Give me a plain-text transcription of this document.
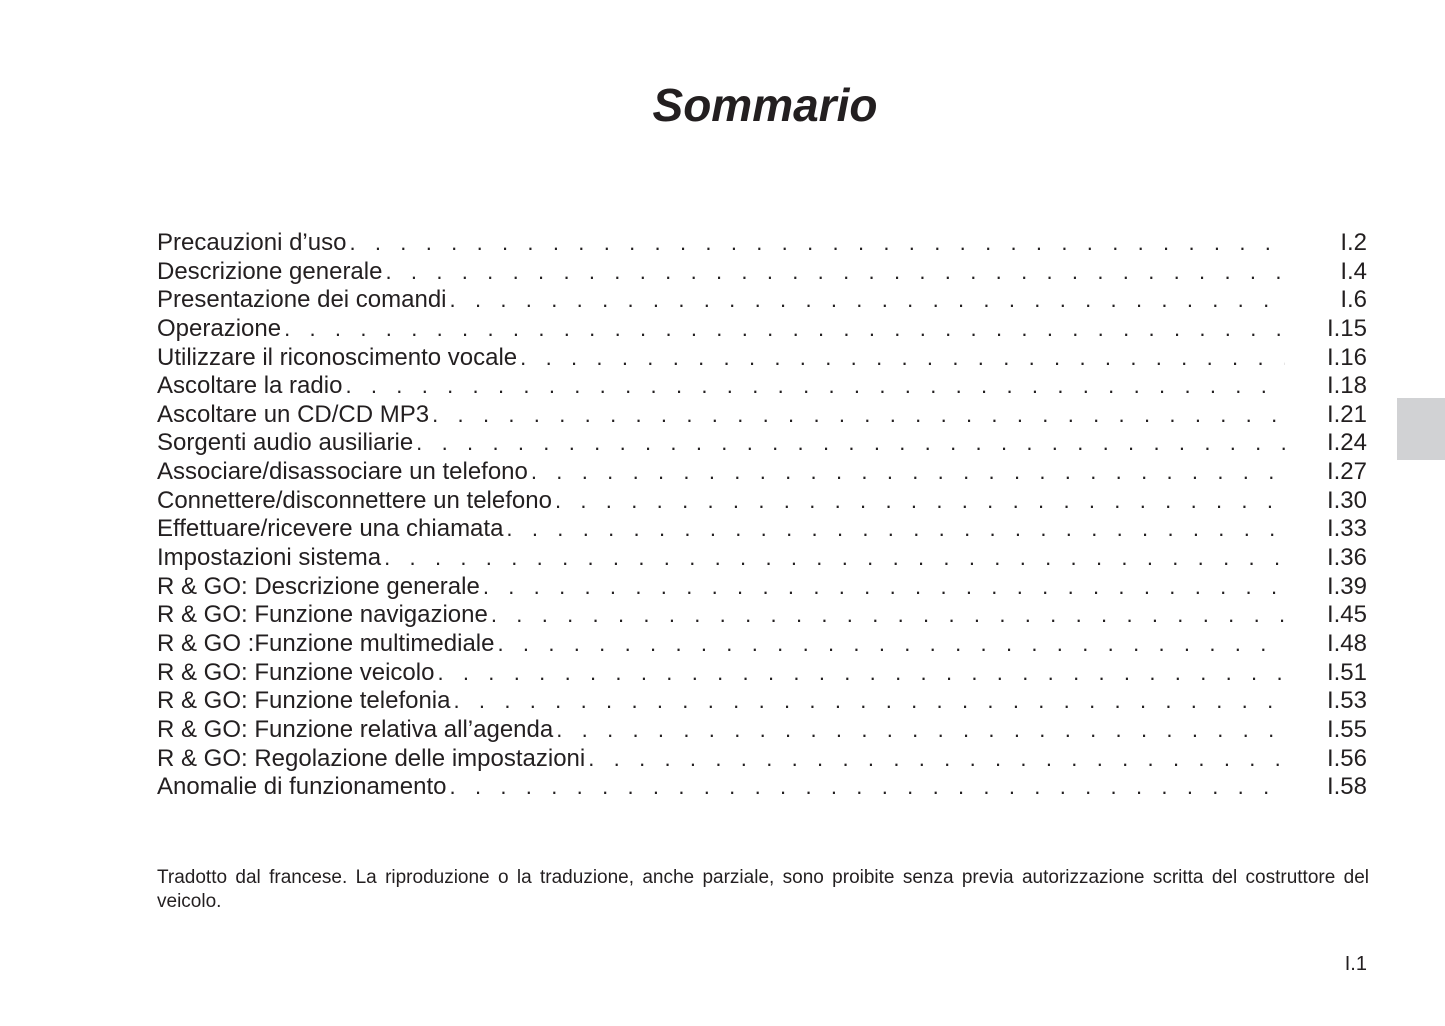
Sommario
Precauzioni d’uso . . .	I.2
Descrizione generale . . .	I.4
Presentazione dei comandi . . .	I.6
Operazione . . .	I.15
Utilizzare il riconoscimento vocale . . .	I.16
Ascoltare la radio . . .	I.18
Ascoltare un CD/CD MP3 . . .	I.21
Sorgenti audio ausiliarie . . .	I.24
Associare/disassociare un telefono . . .	I.27
Connettere/disconnettere un telefono . . .	I.30
Effettuare/ricevere una chiamata . . .	I.33
Impostazioni sistema . . .	I.36
R & GO: Descrizione generale . . .	I.39
R & GO: Funzione navigazione . . .	I.45
R & GO :Funzione multimediale . . .	I.48
R & GO: Funzione veicolo . . .	I.51
R & GO: Funzione telefonia . . .	I.53
R & GO: Funzione relativa all’agenda . . .	I.55
R & GO: Regolazione delle impostazioni . . .	I.56
Anomalie di funzionamento . . .	I.58
Tradotto dal francese. La riproduzione o la traduzione, anche parziale, sono proibite senza previa autorizzazione scritta del costruttore del veicolo.
I.1
